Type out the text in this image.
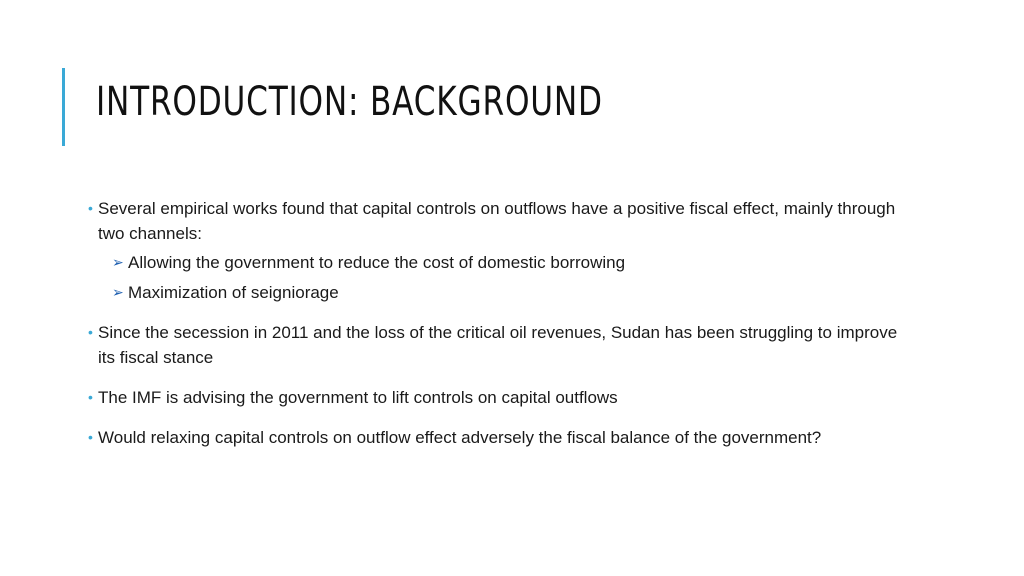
INTRODUCTION: BACKGROUND
• Several empirical works found that capital controls on outflows have a positive fiscal effect, mainly through two channels:
➢ Allowing the government to reduce the cost of domestic borrowing
➢ Maximization of seigniorage
• Since the secession in 2011 and the loss of the critical oil revenues, Sudan has been struggling to improve its fiscal stance
• The IMF is advising the government to lift controls on capital outflows
• Would relaxing capital controls on outflow effect adversely the fiscal balance of the government?
